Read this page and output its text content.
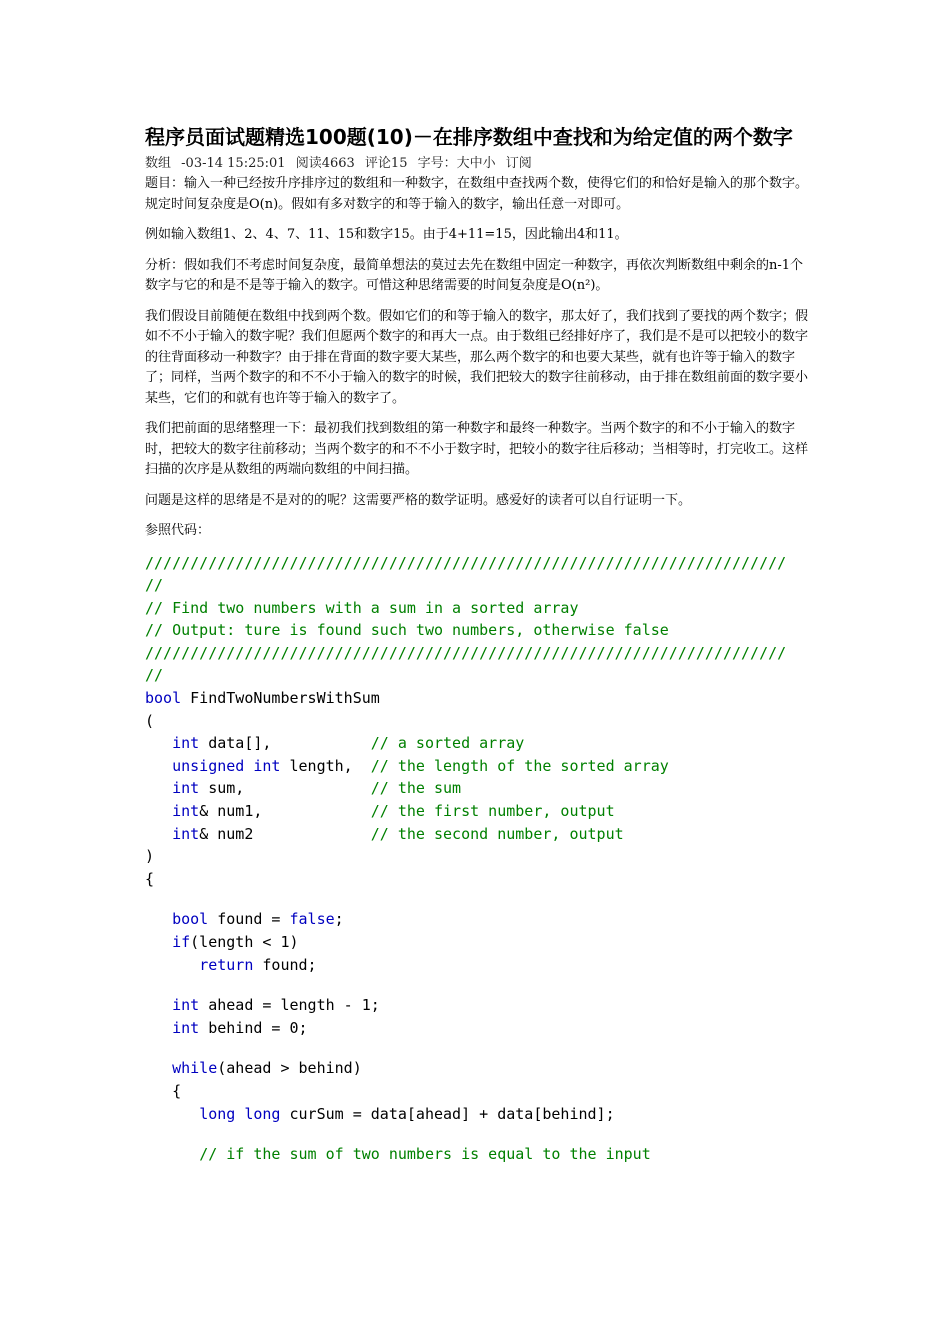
程序员面试题精选100题(10)－在排序数组中查找和为给定值的两个数字
数组 -03-14 15:25:01 阅读4663 评论15 字号：大中小 订阅

题目：输入一种已经按升序排序过的数组和一种数字，在数组中查找两个数，使得它们的和恰好是输入的那个数字。规定时间复杂度是O(n)。假如有多对数字的和等于输入的数字，输出任意一对即可。

例如输入数组1、2、4、7、11、15和数字15。由于4+11=15，因此输出4和11。

分析：假如我们不考虑时间复杂度，最简单想法的莫过去先在数组中固定一种数字，再依次判断数组中剩余的n-1个数字与它的和是不是等于输入的数字。可惜这种思绪需要的时间复杂度是O(n²)。

我们假设目前随便在数组中找到两个数。假如它们的和等于输入的数字，那太好了，我们找到了要找的两个数字；假如不不小于输入的数字呢？我们但愿两个数字的和再大一点。由于数组已经排好序了，我们是不是可以把较小的数字的往背面移动一种数字？由于排在背面的数字要大某些，那么两个数字的和也要大某些，就有也许等于输入的数字了；同样，当两个数字的和不不小于输入的数字的时候，我们把较大的数字往前移动，由于排在数组前面的数字要小某些，它们的和就有也许等于输入的数字了。

我们把前面的思绪整理一下：最初我们找到数组的第一种数字和最终一种数字。当两个数字的和不小于输入的数字时，把较大的数字往前移动；当两个数字的和不不小于数字时，把较小的数字往后移动；当相等时，打完收工。这样扫描的次序是从数组的两端向数组的中间扫描。

问题是这样的思绪是不是对的的呢？这需要严格的数学证明。感爱好的读者可以自行证明一下。

参照代码：

///////////////////////////////////////////////////////////////////////
//
// Find two numbers with a sum in a sorted array
// Output: ture is found such two numbers, otherwise false
///////////////////////////////////////////////////////////////////////
//
bool FindTwoNumbersWithSum
(
int data[],           // a sorted array
unsigned int length,  // the length of the sorted array
int sum,              // the sum
int& num1,            // the first number, output
int& num2             // the second number, output
)
{
bool found = false;
if(length < 1)
return found;
int ahead = length - 1;
int behind = 0;
while(ahead > behind)
{
long long curSum = data[ahead] + data[behind];
// if the sum of two numbers is equal to the input
